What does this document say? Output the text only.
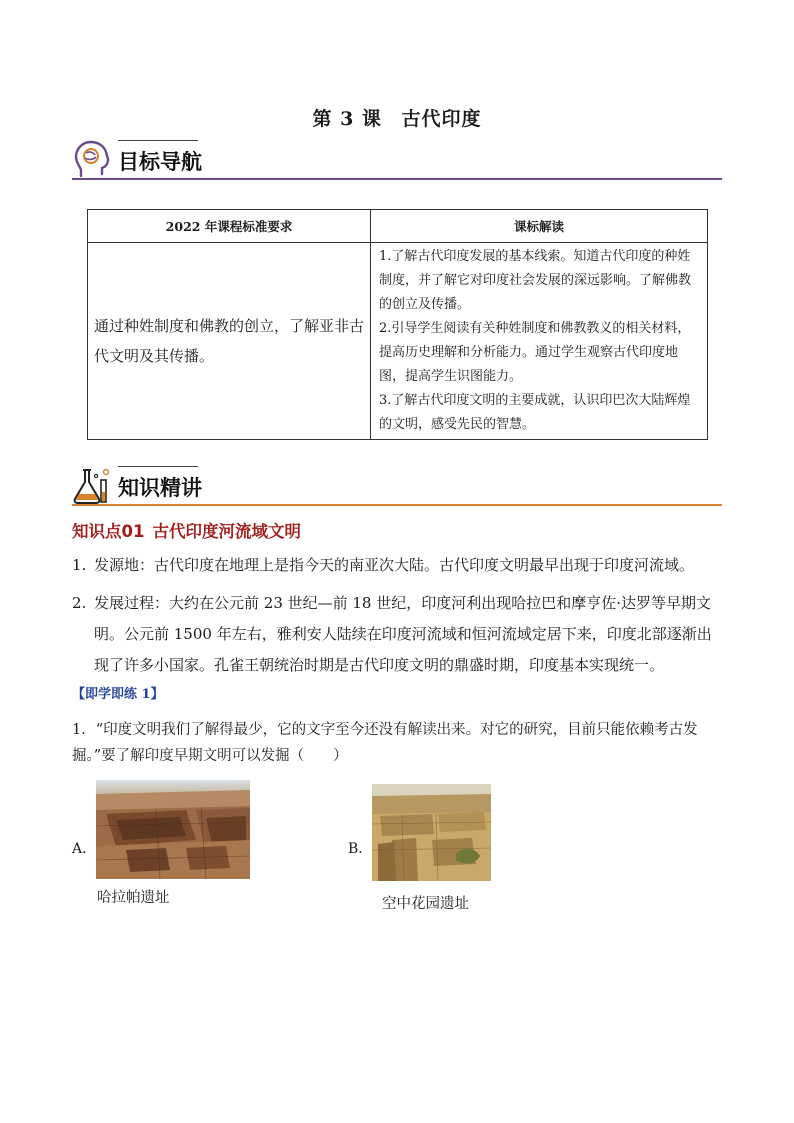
第 3 课 古代印度
目标导航
2022 年课程标准要求	课标解读
通过种姓制度和佛教的创立，了解亚非古代文明及其传播。	1.了解古代印度发展的基本线索。知道古代印度的种姓制度，并了解它对印度社会发展的深远影响。了解佛教的创立及传播。
2.引导学生阅读有关种姓制度和佛教教义的相关材料，提高历史理解和分析能力。通过学生观察古代印度地图，提高学生识图能力。
3.了解古代印度文明的主要成就，认识印巴次大陆辉煌的文明，感受先民的智慧。
知识精讲
知识点01 古代印度河流域文明
1. 发源地：古代印度在地理上是指今天的南亚次大陆。古代印度文明最早出现于印度河流域。
2. 发展过程：大约在公元前 23 世纪—前 18 世纪，印度河利出现哈拉巴和摩亨佐·达罗等早期文明。公元前 1500 年左右，雅利安人陆续在印度河流域和恒河流域定居下来，印度北部逐渐出现了许多小国家。孔雀王朝统治时期是古代印度文明的鼎盛时期，印度基本实现统一。
【即学即练 1】
1．“印度文明我们了解得最少，它的文字至今还没有解读出来。对它的研究，目前只能依赖考古发掘。”要了解印度早期文明可以发掘（　　）
A．
哈拉帕遗址
B．
空中花园遗址
